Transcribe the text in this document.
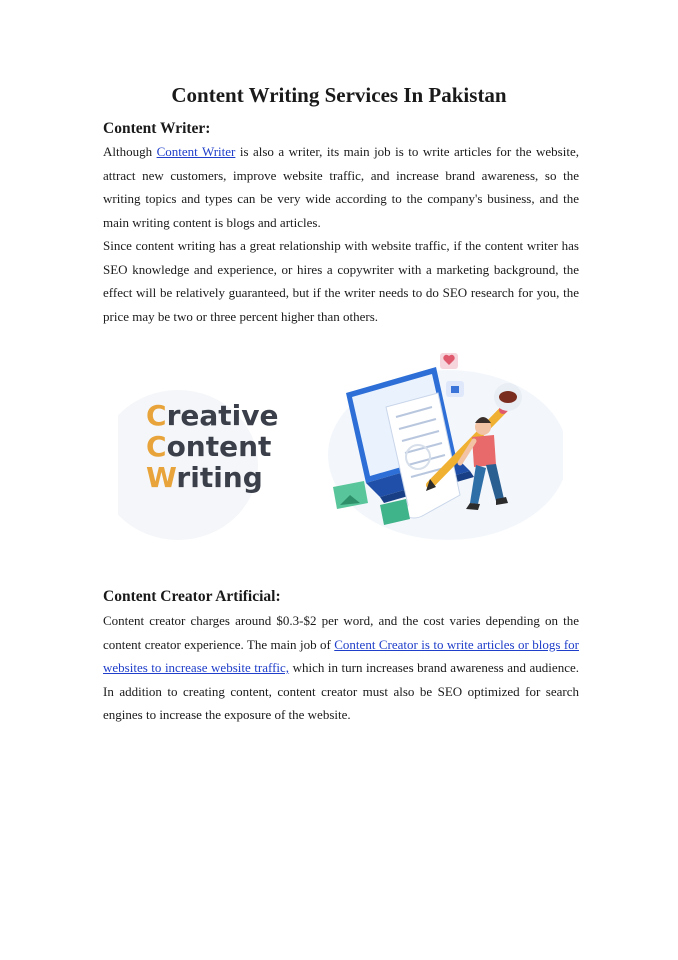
Content Writing Services In Pakistan
Content Writer:

Although Content Writer is also a writer, its main job is to write articles for the website, attract new customers, improve website traffic, and increase brand awareness, so the writing topics and types can be very wide according to the company's business, and the main writing content is blogs and articles.

Since content writing has a great relationship with website traffic, if the content writer has SEO knowledge and experience, or hires a copywriter with a marketing background, the effect will be relatively guaranteed, but if the writer needs to do SEO research for you, the price may be two or three percent higher than others.

Creative
Content
Writing
Content Creator Artificial:

Content creator charges around $0.3-$2 per word, and the cost varies depending on the content creator experience. The main job of Content Creator is to write articles or blogs for websites to increase website traffic, which in turn increases brand awareness and audience. In addition to creating content, content creator must also be SEO optimized for search engines to increase the exposure of the website.
